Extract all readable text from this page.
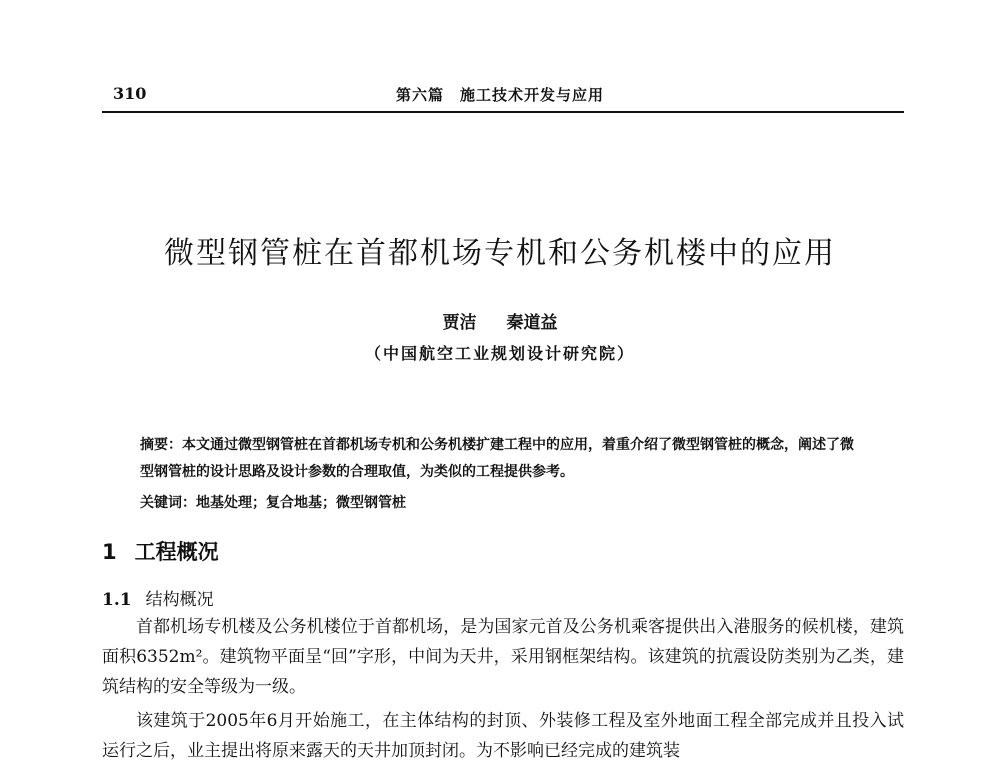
310	第六篇　施工技术开发与应用
微型钢管桩在首都机场专机和公务机楼中的应用
贾洁 秦道益
（中国航空工业规划设计研究院）

摘要：本文通过微型钢管桩在首都机场专机和公务机楼扩建工程中的应用，着重介绍了微型钢管桩的概念，阐述了微型钢管桩的设计思路及设计参数的合理取值，为类似的工程提供参考。

关键词：地基处理；复合地基；微型钢管桩
1 工程概况
1.1 结构概况

首都机场专机楼及公务机楼位于首都机场，是为国家元首及公务机乘客提供出入港服务的候机楼，建筑面积6352m²。建筑物平面呈“回”字形，中间为天井，采用钢框架结构。该建筑的抗震设防类别为乙类，建筑结构的安全等级为一级。

该建筑于2005年6月开始施工，在主体结构的封顶、外装修工程及室外地面工程全部完成并且投入试运行之后，业主提出将原来露天的天井加顶封闭。为不影响已经完成的建筑装
